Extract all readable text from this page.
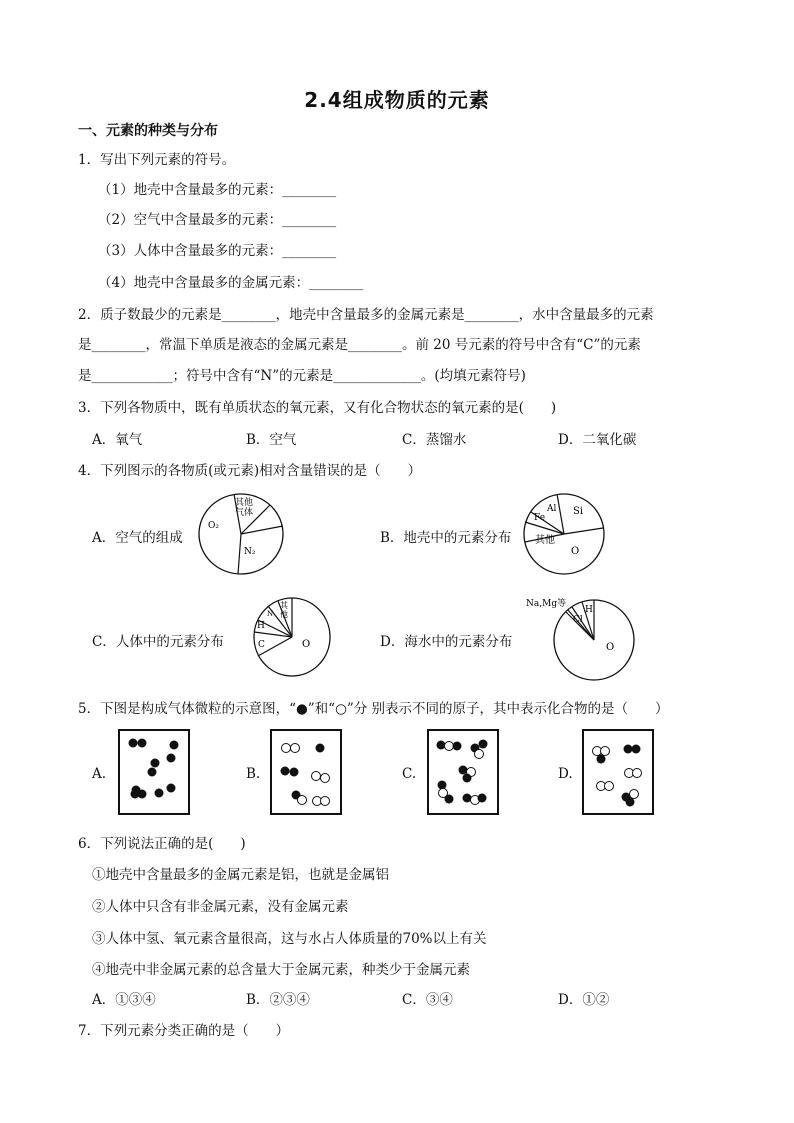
2.4组成物质的元素
一、元素的种类与分布
1．写出下列元素的符号。
（1）地壳中含量最多的元素：________
（2）空气中含量最多的元素：________
（3）人体中含量最多的元素：________
（4）地壳中含量最多的金属元素：________
2．质子数最少的元素是________，地壳中含量最多的金属元素是________，水中含量最多的元素
是________，常温下单质是液态的金属元素是________。前 20 号元素的符号中含有“C”的元素
是____________；符号中含有“N”的元素是_____________。(均填元素符号)
3．下列各物质中，既有单质状态的氧元素，又有化合物状态的氧元素的是(　　)
A．氧气	B．空气	C．蒸馏水	D．二氧化碳
4．下列图示的各物质(或元素)相对含量错误的是（　　）
A．空气的组成
O₂
其他
气体
N₂
B．地壳中的元素分布
Fe
Al Si
其他
O
C．人体中的元素分布
H
C
其
他
N
O	D．海水中的元素分布
Na,Mg等
Cl
H
O
5．下图是构成气体微粒的示意图，“●”和“○”分 别表示不同的原子，其中表示化合物的是（　　）
A.	B.	C.	D.
6．下列说法正确的是(　　)
①地壳中含量最多的金属元素是铝，也就是金属铝
②人体中只含有非金属元素，没有金属元素
③人体中氢、氧元素含量很高，这与水占人体质量的70%以上有关
④地壳中非金属元素的总含量大于金属元素，种类少于金属元素
A．①③④	B．②③④	C．③④	D．①②
7．下列元素分类正确的是（　　）
